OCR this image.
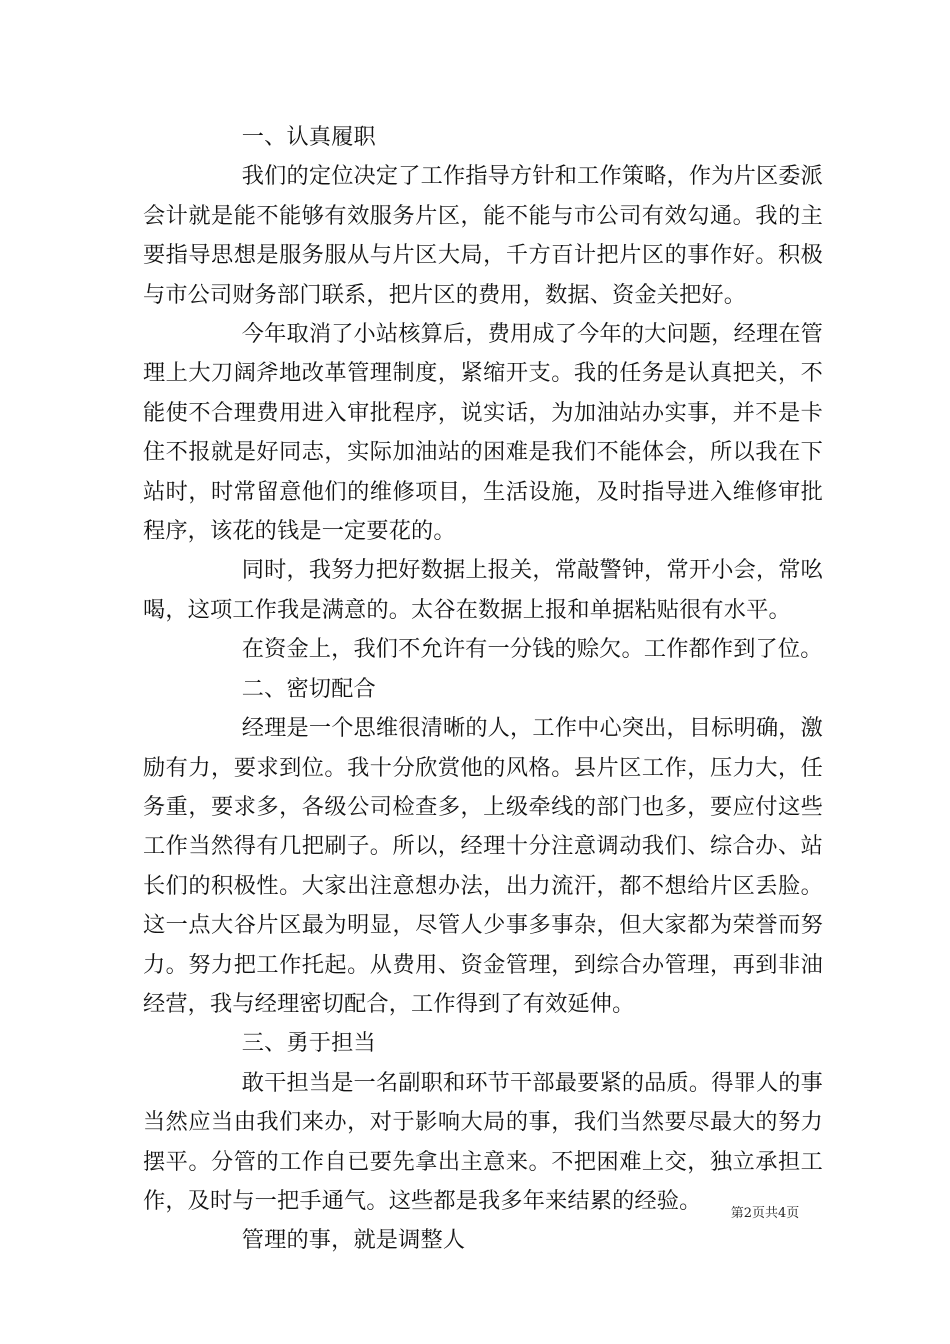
一、认真履职

我们的定位决定了工作指导方针和工作策略，作为片区委派会计就是能不能够有效服务片区，能不能与市公司有效勾通。我的主要指导思想是服务服从与片区大局，千方百计把片区的事作好。积极与市公司财务部门联系，把片区的费用，数据、资金关把好。

今年取消了小站核算后，费用成了今年的大问题，经理在管理上大刀阔斧地改革管理制度，紧缩开支。我的任务是认真把关，不能使不合理费用进入审批程序，说实话，为加油站办实事，并不是卡住不报就是好同志，实际加油站的困难是我们不能体会，所以我在下站时，时常留意他们的维修项目，生活设施，及时指导进入维修审批程序，该花的钱是一定要花的。

同时，我努力把好数据上报关，常敲警钟，常开小会，常吆喝，这项工作我是满意的。太谷在数据上报和单据粘贴很有水平。

在资金上，我们不允许有一分钱的赊欠。工作都作到了位。

二、密切配合

经理是一个思维很清晰的人，工作中心突出，目标明确，激励有力，要求到位。我十分欣赏他的风格。县片区工作，压力大，任务重，要求多，各级公司检查多，上级牵线的部门也多，要应付这些工作当然得有几把刷子。所以，经理十分注意调动我们、综合办、站长们的积极性。大家出注意想办法，出力流汗，都不想给片区丢脸。这一点大谷片区最为明显，尽管人少事多事杂，但大家都为荣誉而努力。努力把工作托起。从费用、资金管理，到综合办管理，再到非油经营，我与经理密切配合，工作得到了有效延伸。

三、勇于担当

敢干担当是一名副职和环节干部最要紧的品质。得罪人的事当然应当由我们来办，对于影响大局的事，我们当然要尽最大的努力摆平。分管的工作自已要先拿出主意来。不把困难上交，独立承担工作，及时与一把手通气。这些都是我多年来结累的经验。

管理的事，就是调整人

第2页共4页
